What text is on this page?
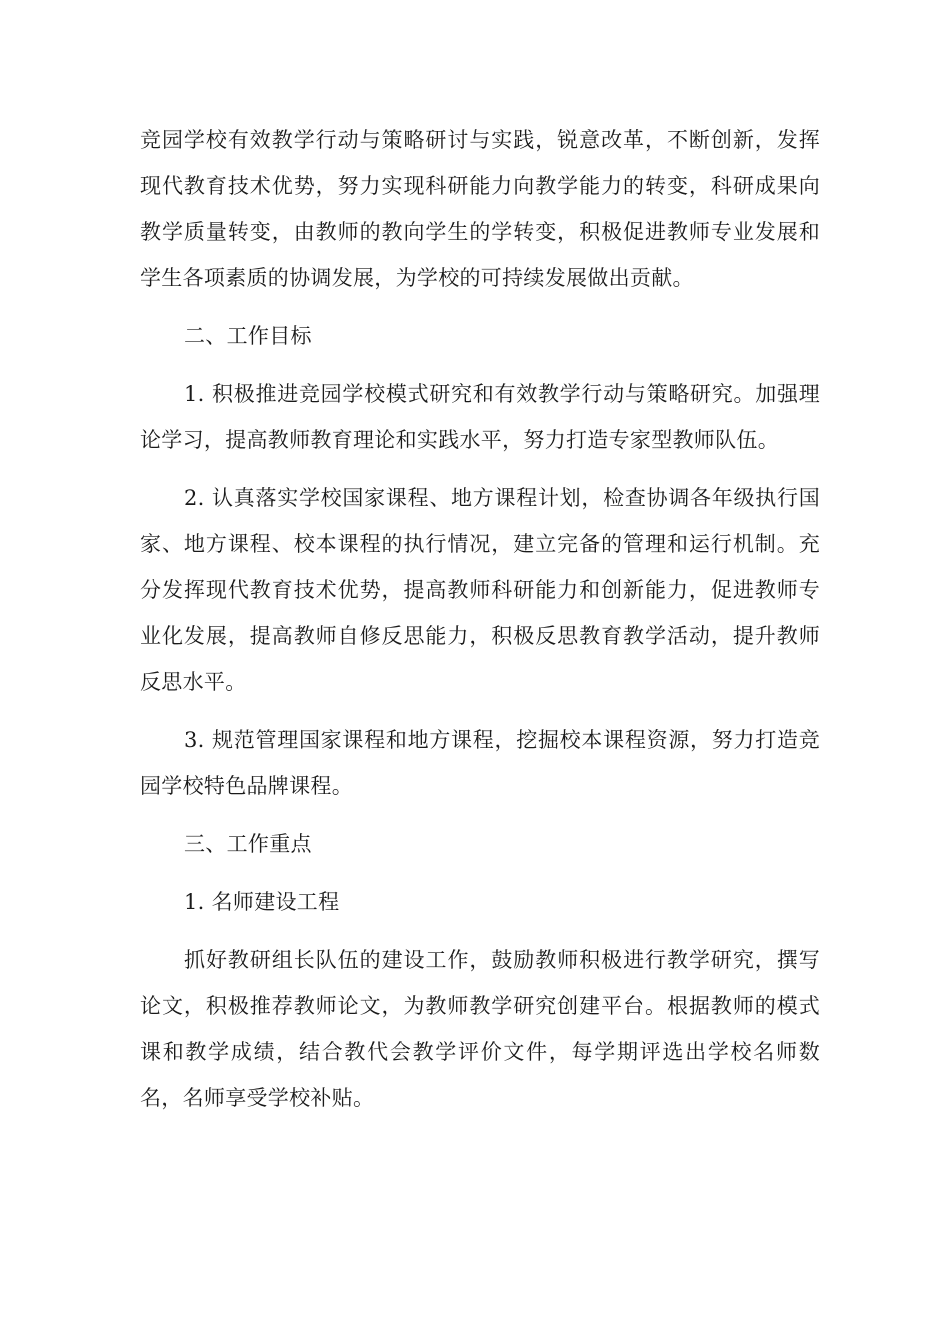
竞园学校有效教学行动与策略研讨与实践，锐意改革，不断创新，发挥现代教育技术优势，努力实现科研能力向教学能力的转变，科研成果向教学质量转变，由教师的教向学生的学转变，积极促进教师专业发展和学生各项素质的协调发展，为学校的可持续发展做出贡献。

二、工作目标

1. 积极推进竞园学校模式研究和有效教学行动与策略研究。加强理论学习，提高教师教育理论和实践水平，努力打造专家型教师队伍。

2. 认真落实学校国家课程、地方课程计划，检查协调各年级执行国家、地方课程、校本课程的执行情况，建立完备的管理和运行机制。充分发挥现代教育技术优势，提高教师科研能力和创新能力，促进教师专业化发展，提高教师自修反思能力，积极反思教育教学活动，提升教师反思水平。

3. 规范管理国家课程和地方课程，挖掘校本课程资源，努力打造竞园学校特色品牌课程。

三、工作重点

1. 名师建设工程

抓好教研组长队伍的建设工作，鼓励教师积极进行教学研究，撰写论文，积极推荐教师论文，为教师教学研究创建平台。根据教师的模式课和教学成绩，结合教代会教学评价文件，每学期评选出学校名师数名，名师享受学校补贴。
